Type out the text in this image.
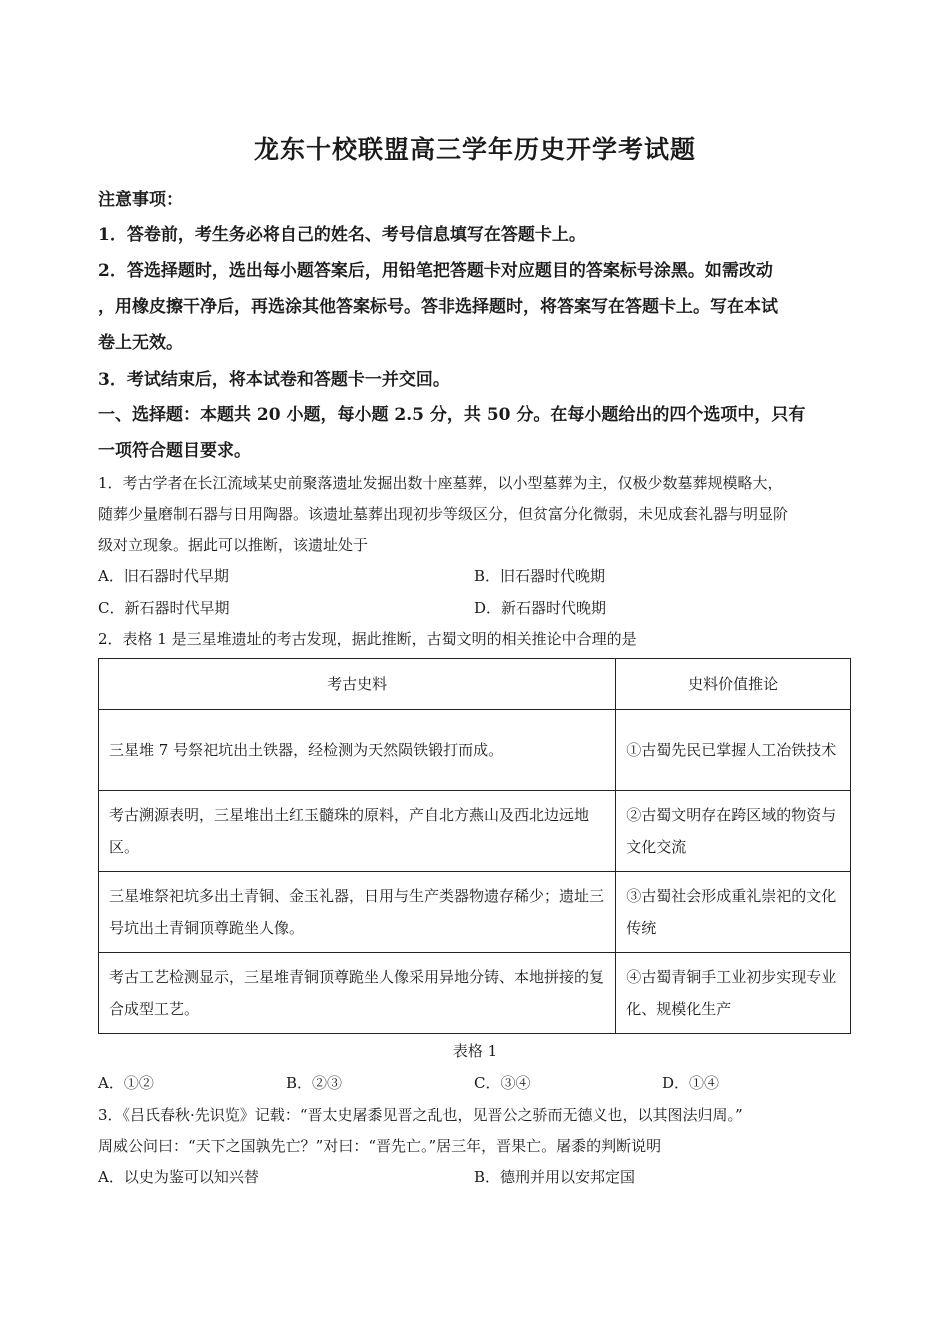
龙东十校联盟高三学年历史开学考试题
注意事项：
1．答卷前，考生务必将自己的姓名、考号信息填写在答题卡上。
2．答选择题时，选出每小题答案后，用铅笔把答题卡对应题目的答案标号涂黑。如需改动
，用橡皮擦干净后，再选涂其他答案标号。答非选择题时，将答案写在答题卡上。写在本试
卷上无效。
3．考试结束后，将本试卷和答题卡一并交回。
一、选择题：本题共 20 小题，每小题 2.5 分，共 50 分。在每小题给出的四个选项中，只有
一项符合题目要求。
1．考古学者在长江流域某史前聚落遗址发掘出数十座墓葬，以小型墓葬为主，仅极少数墓葬规模略大，
随葬少量磨制石器与日用陶器。该遗址墓葬出现初步等级区分，但贫富分化微弱，未见成套礼器与明显阶
级对立现象。据此可以推断，该遗址处于
A．旧石器时代早期	B．旧石器时代晚期
C．新石器时代早期	D．新石器时代晚期
2．表格 1 是三星堆遗址的考古发现，据此推断，古蜀文明的相关推论中合理的是
考古史料	史料价值推论
三星堆 7 号祭祀坑出土铁器，经检测为天然陨铁锻打而成。	①古蜀先民已掌握人工冶铁技术
考古溯源表明，三星堆出土红玉髓珠的原料，产自北方燕山及西北边远地区。	②古蜀文明存在跨区域的物资与文化交流
三星堆祭祀坑多出土青铜、金玉礼器，日用与生产类器物遗存稀少；遗址三号坑出土青铜顶尊跪坐人像。	③古蜀社会形成重礼崇祀的文化传统
考古工艺检测显示，三星堆青铜顶尊跪坐人像采用异地分铸、本地拼接的复合成型工艺。	④古蜀青铜手工业初步实现专业化、规模化生产
表格 1
A．①②	B．②③	C．③④	D．①④
3．《吕氏春秋·先识览》记载：“晋太史屠黍见晋之乱也，见晋公之骄而无德义也，以其图法归周。”
周威公问曰：“天下之国孰先亡？”对曰：“晋先亡。”居三年，晋果亡。屠黍的判断说明
A．以史为鉴可以知兴替	B．德刑并用以安邦定国
